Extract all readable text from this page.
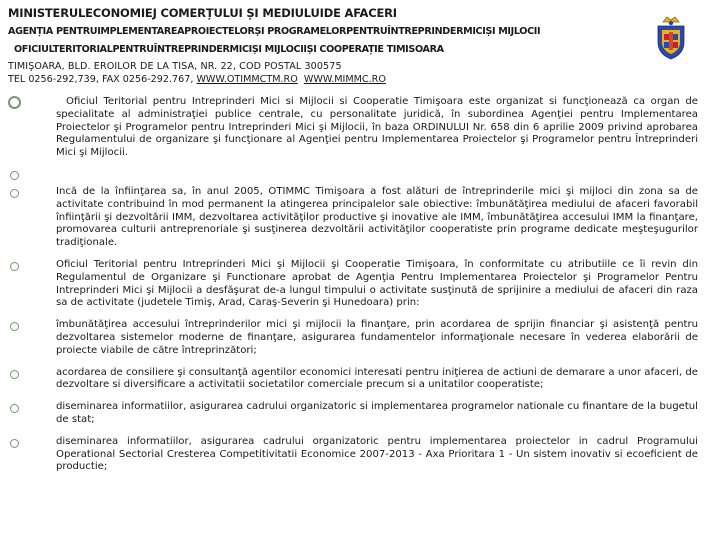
MINISTERULECONOMIEJ COMERȚULUI ȘI MEDIULUIDE AFACERI
AGENȚIA PENTRUIMPLEMENTAREAPROIECTELORȘI PROGRAMELORPENTRUÎNTREPRINDERMICIȘI MIJLOCII
OFICIULTERITORIALPENTRUÎNTREPRINDERMICIȘI MIJLOCIIȘI COOPERAȚIE TIMISOARA
TIMIŞOARA, BLD. EROILOR DE LA TISA, NR. 22, COD POSTAL 300575
TEL 0256-292,739, FAX 0256-292.767, WWW.OTIMMCTM.RO WWW.MIMMC.RO

Oficiul Teritorial pentru Intreprinderi Mici si Mijlocii si Cooperatie Timişoara este organizat si funcţionează ca organ de specialitate al administraţiei publice centrale, cu personalitate juridică, în subordinea Agenţiei pentru Implementarea Proiectelor şi Programelor pentru Intreprinderi Mici şi Mijlocii, în baza ORDINULUI Nr. 658 din 6 aprilie 2009 privind aprobarea Regulamentului de organizare şi funcţionare al Agenţiei pentru Implementarea Proiectelor şi Programelor pentru Întreprinderi Mici şi Mijlocii.

Incă de la înfiinţarea sa, în anul 2005, OTIMMC Timişoara a fost alături de întreprinderile mici şi mijloci din zona sa de activitate contribuind în mod permanent la atingerea principalelor sale obiective: îmbunătăţirea mediului de afaceri favorabil înfiinţării şi dezvoltării IMM, dezvoltarea activităţilor productive şi inovative ale IMM, îmbunătăţirea accesului IMM la finanţare, promovarea culturii antreprenoriale şi susţinerea dezvoltării activităţilor cooperatiste prin programe dedicate meşteşugurilor tradiţionale.
Oficiul Teritorial pentru Intreprinderi Mici şi Mijlocii şi Cooperatie Timişoara, în conformitate cu atributiile ce îi revin din Regulamentul de Organizare şi Functionare aprobat de Agenţia Pentru Implementarea Proiectelor şi Programelor Pentru Intreprinderi Mici şi Mijlocii a desfăşurat de-a lungul timpului o activitate susţinută de sprijinire a mediului de afaceri din raza sa de activitate (judetele Timiş, Arad, Caraş-Severin şi Hunedoara) prin:
îmbunătăţirea accesului întreprinderilor mici şi mijlocii la finanţare, prin acordarea de sprijin financiar şi asistenţă pentru dezvoltarea sistemelor moderne de finanţare, asigurarea fundamentelor informaţionale necesare în vederea elaborării de proiecte viabile de către întreprinzători;
acordarea de consiliere şi consultanţă agentilor economici interesati pentru iniţierea de actiuni de demarare a unor afaceri, de dezvoltare si diversificare a activitatii societatilor comerciale precum si a unitatilor cooperatiste;
diseminarea informatiilor, asigurarea cadrului organizatoric si implementarea programelor nationale cu finantare de la bugetul de stat;
diseminarea informatiilor, asigurarea cadrului organizatoric pentru implementarea proiectelor in cadrul Programului Operational Sectorial Cresterea Competitivitatii Economice 2007-2013 - Axa Prioritara 1 - Un sistem inovativ si ecoeficient de productie;
